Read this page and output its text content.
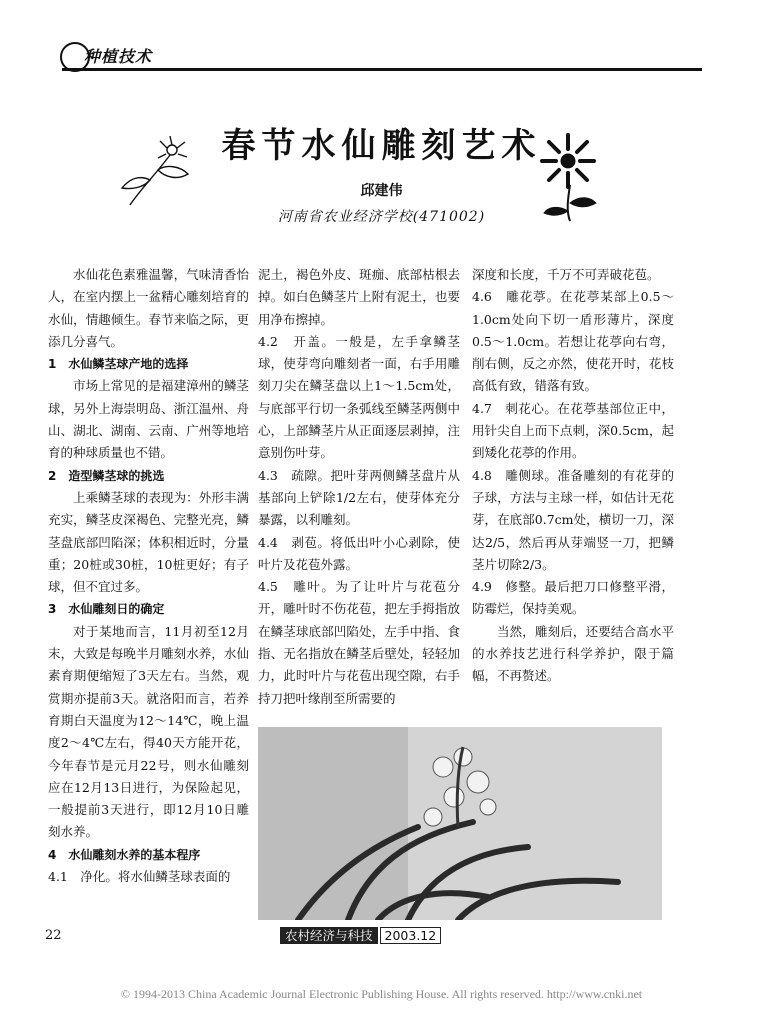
种植技术
春节水仙雕刻艺术
邱建伟
河南省农业经济学校(471002)

水仙花色素雅温馨，气味清香怡人，在室内摆上一盆精心雕刻培育的水仙，情趣倾生。春节来临之际，更添几分喜气。

1　水仙鳞茎球产地的选择

市场上常见的是福建漳州的鳞茎球，另外上海崇明岛、浙江温州、舟山、湖北、湖南、云南、广州等地培育的种球质量也不错。

2　造型鳞茎球的挑选

上乘鳞茎球的表现为：外形丰满充实，鳞茎皮深褐色、完整光亮，鳞茎盘底部凹陷深；体积相近时，分量重；20桩或30桩，10桩更好；有子球，但不宜过多。

3　水仙雕刻日的确定

对于某地而言，11月初至12月末，大致是每晚半月雕刻水养，水仙素育期便缩短了3天左右。当然，观赏期亦提前3天。就洛阳而言，若养育期白天温度为12～14℃，晚上温度2～4℃左右，得40天方能开花，今年春节是元月22号，则水仙雕刻应在12月13日进行，为保险起见，一般提前3天进行，即12月10日雕刻水养。

4　水仙雕刻水养的基本程序

4.1　净化。将水仙鳞茎球表面的

泥土，褐色外皮、斑痂、底部枯根去掉。如白色鳞茎片上附有泥土，也要用净布擦掉。

4.2　开盖。一般是，左手拿鳞茎球，使芽弯向雕刻者一面，右手用雕刻刀尖在鳞茎盘以上1～1.5cm处，与底部平行切一条弧线至鳞茎两侧中心，上部鳞茎片从正面逐层剥掉，注意别伤叶芽。

4.3　疏隙。把叶芽两侧鳞茎盘片从基部向上铲除1/2左右，使芽体充分暴露，以利雕刻。

4.4　剥苞。将低出叶小心剥除，使叶片及花苞外露。

4.5　雕叶。为了让叶片与花苞分开，雕叶时不伤花苞，把左手拇指放在鳞茎球底部凹陷处，左手中指、食指、无名指放在鳞茎后壁处，轻轻加力，此时叶片与花苞出现空隙，右手持刀把叶缘削至所需要的

深度和长度，千万不可弄破花苞。

4.6　雕花葶。在花葶某部上0.5～1.0cm处向下切一盾形薄片，深度0.5～1.0cm。若想让花葶向右弯，削右侧，反之亦然，使花开时，花枝高低有致，错落有致。

4.7　刺花心。在花葶基部位正中，用针尖自上而下点刺，深0.5cm，起到矮化花葶的作用。

4.8　雕侧球。准备雕刻的有花芽的子球，方法与主球一样，如估计无花芽，在底部0.7cm处，横切一刀，深达2/5，然后再从芽端竖一刀，把鳞茎片切除2/3。

4.9　修整。最后把刀口修整平滑，防霉烂，保持美观。

当然，雕刻后，还要结合高水平的水养技艺进行科学养护，限于篇幅，不再赘述。

22	农村经济与科技 2003.12
© 1994-2013 China Academic Journal Electronic Publishing House. All rights reserved. http://www.cnki.net
